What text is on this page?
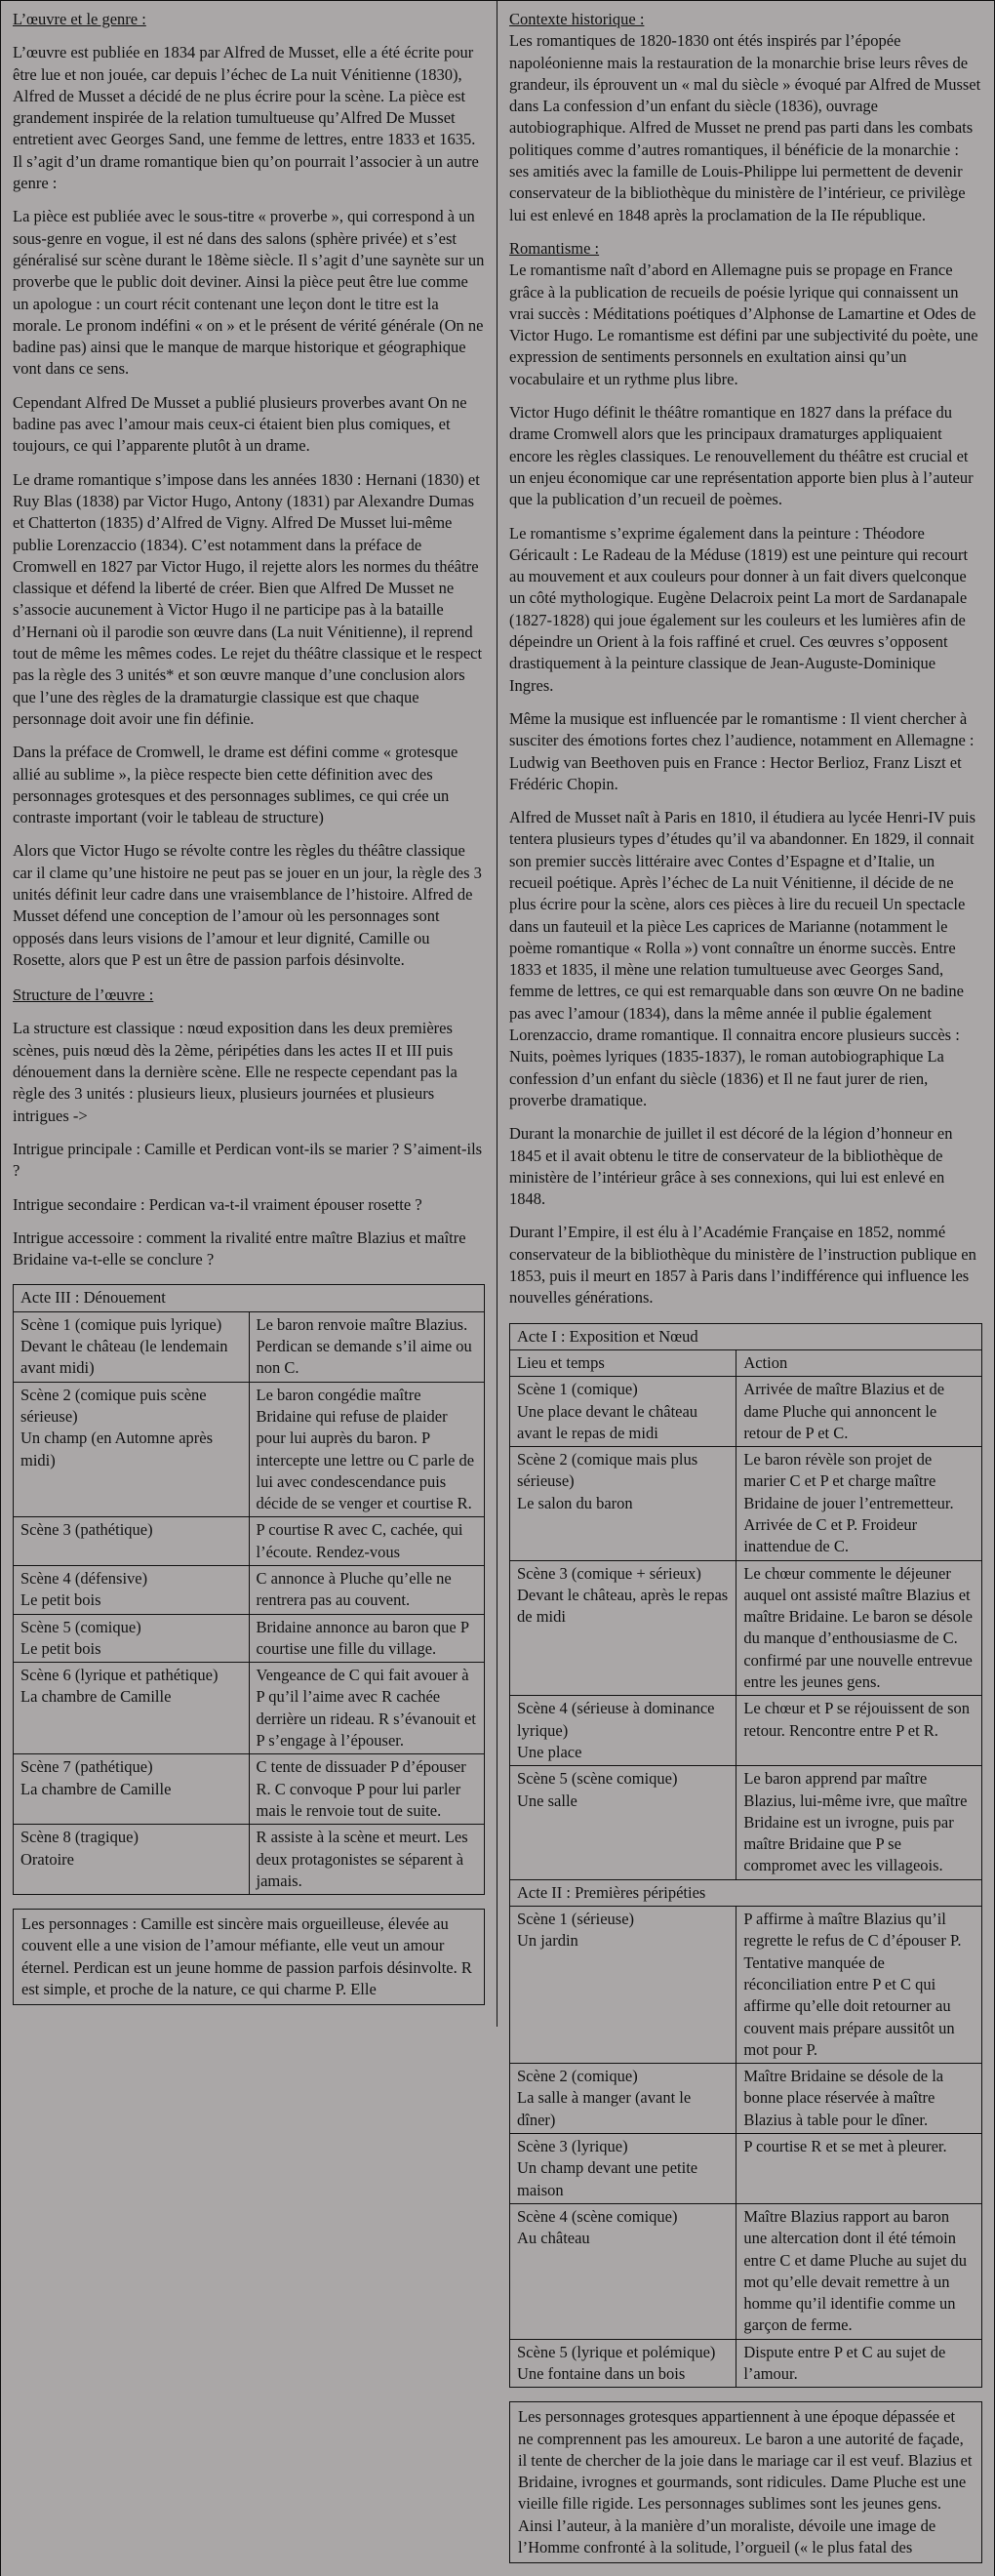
L’œuvre et le genre :

L’œuvre est publiée en 1834 par Alfred de Musset, elle a été écrite pour être lue et non jouée, car depuis l’échec de La nuit Vénitienne (1830), Alfred de Musset a décidé de ne plus écrire pour la scène. La pièce est grandement inspirée de la relation tumultueuse qu’Alfred De Musset entretient avec Georges Sand, une femme de lettres, entre 1833 et 1635. Il s’agit d’un drame romantique bien qu’on pourrait l’associer à un autre genre :

La pièce est publiée avec le sous-titre « proverbe », qui correspond à un sous-genre en vogue, il est né dans des salons (sphère privée) et s’est généralisé sur scène durant le 18ème siècle. Il s’agit d’une saynète sur un proverbe que le public doit deviner. Ainsi la pièce peut être lue comme un apologue : un court récit contenant une leçon dont le titre est la morale. Le pronom indéfini « on » et le présent de vérité générale (On ne badine pas) ainsi que le manque de marque historique et géographique vont dans ce sens.

Cependant Alfred De Musset a publié plusieurs proverbes avant On ne badine pas avec l’amour mais ceux-ci étaient bien plus comiques, et toujours, ce qui l’apparente plutôt à un drame.

Le drame romantique s’impose dans les années 1830 : Hernani (1830) et Ruy Blas (1838) par Victor Hugo, Antony (1831) par Alexandre Dumas et Chatterton (1835) d’Alfred de Vigny. Alfred De Musset lui-même publie Lorenzaccio (1834). C’est notamment dans la préface de Cromwell en 1827 par Victor Hugo, il rejette alors les normes du théâtre classique et défend la liberté de créer. Bien que Alfred De Musset ne s’associe aucunement à Victor Hugo il ne participe pas à la bataille d’Hernani où il parodie son œuvre dans (La nuit Vénitienne), il reprend tout de même les mêmes codes. Le rejet du théâtre classique et le respect pas la règle des 3 unités* et son œuvre manque d’une conclusion alors que l’une des règles de la dramaturgie classique est que chaque personnage doit avoir une fin définie.

Dans la préface de Cromwell, le drame est défini comme « grotesque allié au sublime », la pièce respecte bien cette définition avec des personnages grotesques et des personnages sublimes, ce qui crée un contraste important (voir le tableau de structure)

Alors que Victor Hugo se révolte contre les règles du théâtre classique car il clame qu’une histoire ne peut pas se jouer en un jour, la règle des 3 unités définit leur cadre dans une vraisemblance de l’histoire. Alfred de Musset défend une conception de l’amour où les personnages sont opposés dans leurs visions de l’amour et leur dignité, Camille ou Rosette, alors que P est un être de passion parfois désinvolte.

Structure de l’œuvre :

La structure est classique : nœud exposition dans les deux premières scènes, puis nœud dès la 2ème, péripéties dans les actes II et III puis dénouement dans la dernière scène. Elle ne respecte cependant pas la règle des 3 unités : plusieurs lieux, plusieurs journées et plusieurs intrigues ->

Intrigue principale : Camille et Perdican vont-ils se marier ? S’aiment-ils ?

Intrigue secondaire : Perdican va-t-il vraiment épouser rosette ?

Intrigue accessoire : comment la rivalité entre maître Blazius et maître Bridaine va-t-elle se conclure ?

Acte III : Dénouement	

Scène 1 (comique puis lyrique)
Devant le château (le lendemain avant midi)	Le baron renvoie maître Blazius. Perdican se demande s’il aime ou non C.

Scène 2 (comique puis scène sérieuse)
Un champ (en Automne après midi)	Le baron congédie maître Bridaine qui refuse de plaider pour lui auprès du baron. P intercepte une lettre ou C parle de lui avec condescendance puis décide de se venger et courtise R.

Scène 3 (pathétique)	P courtise R avec C, cachée, qui l’écoute. Rendez-vous

Scène 4 (défensive)
Le petit bois	C annonce à Pluche qu’elle ne rentrera pas au couvent.

Scène 5 (comique)
Le petit bois	Bridaine annonce au baron que P courtise une fille du village.

Scène 6 (lyrique et pathétique)
La chambre de Camille	Vengeance de C qui fait avouer à P qu’il l’aime avec R cachée derrière un rideau. R s’évanouit et P s’engage à l’épouser.

Scène 7 (pathétique)
La chambre de Camille	C tente de dissuader P d’épouser R. C convoque P pour lui parler mais le renvoie tout de suite.

Scène 8 (tragique)
Oratoire	R assiste à la scène et meurt. Les deux protagonistes se séparent à jamais.
Les personnages : Camille est sincère mais orgueilleuse, élevée au couvent elle a une vision de l’amour méfiante, elle veut un amour éternel. Perdican est un jeune homme de passion parfois désinvolte. R est simple, et proche de la nature, ce qui charme P. Elle
Contexte historique :

Les romantiques de 1820-1830 ont étés inspirés par l’épopée napoléonienne mais la restauration de la monarchie brise leurs rêves de grandeur, ils éprouvent un « mal du siècle » évoqué par Alfred de Musset dans La confession d’un enfant du siècle (1836), ouvrage autobiographique. Alfred de Musset ne prend pas parti dans les combats politiques comme d’autres romantiques, il bénéficie de la monarchie : ses amitiés avec la famille de Louis-Philippe lui permettent de devenir conservateur de la bibliothèque du ministère de l’intérieur, ce privilège lui est enlevé en 1848 après la proclamation de la IIe république.

Romantisme :

Le romantisme naît d’abord en Allemagne puis se propage en France grâce à la publication de recueils de poésie lyrique qui connaissent un vrai succès : Méditations poétiques d’Alphonse de Lamartine et Odes de Victor Hugo. Le romantisme est défini par une subjectivité du poète, une expression de sentiments personnels en exultation ainsi qu’un vocabulaire et un rythme plus libre.

Victor Hugo définit le théâtre romantique en 1827 dans la préface du drame Cromwell alors que les principaux dramaturges appliquaient encore les règles classiques. Le renouvellement du théâtre est crucial et un enjeu économique car une représentation apporte bien plus à l’auteur que la publication d’un recueil de poèmes.

Le romantisme s’exprime également dans la peinture : Théodore Géricault : Le Radeau de la Méduse (1819) est une peinture qui recourt au mouvement et aux couleurs pour donner à un fait divers quelconque un côté mythologique. Eugène Delacroix peint La mort de Sardanapale (1827-1828) qui joue également sur les couleurs et les lumières afin de dépeindre un Orient à la fois raffiné et cruel. Ces œuvres s’opposent drastiquement à la peinture classique de Jean-Auguste-Dominique Ingres.

Même la musique est influencée par le romantisme : Il vient chercher à susciter des émotions fortes chez l’audience, notamment en Allemagne : Ludwig van Beethoven puis en France : Hector Berlioz, Franz Liszt et Frédéric Chopin.

Alfred de Musset naît à Paris en 1810, il étudiera au lycée Henri-IV puis tentera plusieurs types d’études qu’il va abandonner. En 1829, il connait son premier succès littéraire avec Contes d’Espagne et d’Italie, un recueil poétique. Après l’échec de La nuit Vénitienne, il décide de ne plus écrire pour la scène, alors ces pièces à lire du recueil Un spectacle dans un fauteuil et la pièce Les caprices de Marianne (notamment le poème romantique « Rolla ») vont connaître un énorme succès. Entre 1833 et 1835, il mène une relation tumultueuse avec Georges Sand, femme de lettres, ce qui est remarquable dans son œuvre On ne badine pas avec l’amour (1834), dans la même année il publie également Lorenzaccio, drame romantique. Il connaitra encore plusieurs succès : Nuits, poèmes lyriques (1835-1837), le roman autobiographique La confession d’un enfant du siècle (1836) et Il ne faut jurer de rien, proverbe dramatique.

Durant la monarchie de juillet il est décoré de la légion d’honneur en 1845 et il avait obtenu le titre de conservateur de la bibliothèque de ministère de l’intérieur grâce à ses connexions, qui lui est enlevé en 1848.

Durant l’Empire, il est élu à l’Académie Française en 1852, nommé conservateur de la bibliothèque du ministère de l’instruction publique en 1853, puis il meurt en 1857 à Paris dans l’indifférence qui influence les nouvelles générations.

Acte I : Exposition et Nœud	

Lieu et temps	Action

Scène 1 (comique)
Une place devant le château avant le repas de midi	Arrivée de maître Blazius et de dame Pluche qui annoncent le retour de P et C.

Scène 2 (comique mais plus sérieuse)
Le salon du baron	Le baron révèle son projet de marier C et P et charge maître Bridaine de jouer l’entremetteur. Arrivée de C et P. Froideur inattendue de C.

Scène 3 (comique + sérieux)
Devant le château, après le repas de midi	Le chœur commente le déjeuner auquel ont assisté maître Blazius et maître Bridaine. Le baron se désole du manque d’enthousiasme de C. confirmé par une nouvelle entrevue entre les jeunes gens.

Scène 4 (sérieuse à dominance lyrique)
Une place	Le chœur et P se réjouissent de son retour. Rencontre entre P et R.

Scène 5 (scène comique)
Une salle	Le baron apprend par maître Blazius, lui-même ivre, que maître Bridaine est un ivrogne, puis par maître Bridaine que P se compromet avec les villageois.
Acte II : Premières péripéties	

Scène 1 (sérieuse)
Un jardin	P affirme à maître Blazius qu’il regrette le refus de C d’épouser P. Tentative manquée de réconciliation entre P et C qui affirme qu’elle doit retourner au couvent mais prépare aussitôt un mot pour P.

Scène 2 (comique)
La salle à manger (avant le dîner)	Maître Bridaine se désole de la bonne place réservée à maître Blazius à table pour le dîner.

Scène 3 (lyrique)
Un champ devant une petite maison	P courtise R et se met à pleurer.

Scène 4 (scène comique)
Au château	Maître Blazius rapport au baron une altercation dont il été témoin entre C et dame Pluche au sujet du mot qu’elle devait remettre à un homme qu’il identifie comme un garçon de ferme.

Scène 5 (lyrique et polémique)
Une fontaine dans un bois	Dispute entre P et C au sujet de l’amour.
Les personnages grotesques appartiennent à une époque dépassée et ne comprennent pas les amoureux. Le baron a une autorité de façade, il tente de chercher de la joie dans le mariage car il est veuf. Blazius et Bridaine, ivrognes et gourmands, sont ridicules. Dame Pluche est une vieille fille rigide. Les personnages sublimes sont les jeunes gens. Ainsi l’auteur, à la manière d’un moraliste, dévoile une image de l’Homme confronté à la solitude, l’orgueil (« le plus fatal des
